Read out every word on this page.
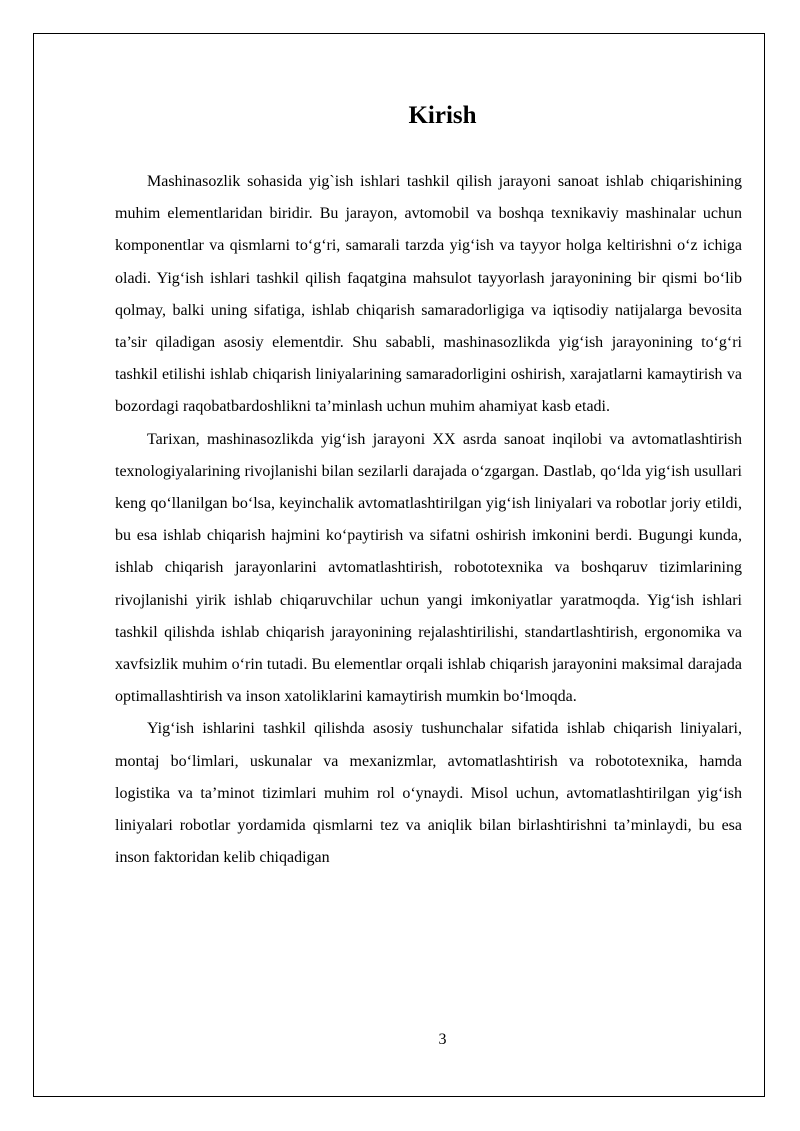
Kirish

Mashinasozlik sohasida yig`ish ishlari tashkil qilish jarayoni sanoat ishlab chiqarishining muhim elementlaridan biridir. Bu jarayon, avtomobil va boshqa texnikaviy mashinalar uchun komponentlar va qismlarni to‘g‘ri, samarali tarzda yig‘ish va tayyor holga keltirishni o‘z ichiga oladi. Yig‘ish ishlari tashkil qilish faqatgina mahsulot tayyorlash jarayonining bir qismi bo‘lib qolmay, balki uning sifatiga, ishlab chiqarish samaradorligiga va iqtisodiy natijalarga bevosita ta’sir qiladigan asosiy elementdir. Shu sababli, mashinasozlikda yig‘ish jarayonining to‘g‘ri tashkil etilishi ishlab chiqarish liniyalarining samaradorligini oshirish, xarajatlarni kamaytirish va bozordagi raqobatbardoshlikni ta’minlash uchun muhim ahamiyat kasb etadi.

Tarixan, mashinasozlikda yig‘ish jarayoni XX asrda sanoat inqilobi va avtomatlashtirish texnologiyalarining rivojlanishi bilan sezilarli darajada o‘zgargan. Dastlab, qo‘lda yig‘ish usullari keng qo‘llanilgan bo‘lsa, keyinchalik avtomatlashtirilgan yig‘ish liniyalari va robotlar joriy etildi, bu esa ishlab chiqarish hajmini ko‘paytirish va sifatni oshirish imkonini berdi. Bugungi kunda, ishlab chiqarish jarayonlarini avtomatlashtirish, robototexnika va boshqaruv tizimlarining rivojlanishi yirik ishlab chiqaruvchilar uchun yangi imkoniyatlar yaratmoqda. Yig‘ish ishlari tashkil qilishda ishlab chiqarish jarayonining rejalashtirilishi, standartlashtirish, ergonomika va xavfsizlik muhim o‘rin tutadi. Bu elementlar orqali ishlab chiqarish jarayonini maksimal darajada optimallashtirish va inson xatoliklarini kamaytirish mumkin bo‘lmoqda.

Yig‘ish ishlarini tashkil qilishda asosiy tushunchalar sifatida ishlab chiqarish liniyalari, montaj bo‘limlari, uskunalar va mexanizmlar, avtomatlashtirish va robototexnika, hamda logistika va ta’minot tizimlari muhim rol o‘ynaydi. Misol uchun, avtomatlashtirilgan yig‘ish liniyalari robotlar yordamida qismlarni tez va aniqlik bilan birlashtirishni ta’minlaydi, bu esa inson faktoridan kelib chiqadigan

3
